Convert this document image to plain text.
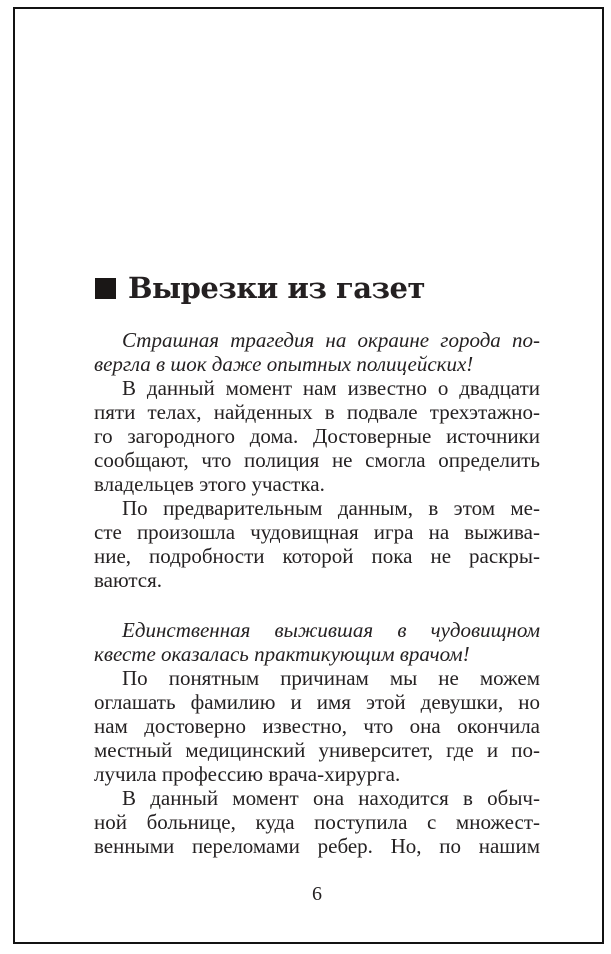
Вырезки из газет
Страшная трагедия на окраине города по-
вергла в шок даже опытных полицейских!
В данный момент нам известно о двадцати
пяти телах, найденных в подвале трехэтажно-
го загородного дома. Достоверные источники
сообщают, что полиция не смогла определить
владельцев этого участка.
По предварительным данным, в этом ме-
сте произошла чудовищная игра на выжива-
ние, подробности которой пока не раскры-
ваются.
Единственная выжившая в чудовищном
квесте оказалась практикующим врачом!
По понятным причинам мы не можем
оглашать фамилию и имя этой девушки, но
нам достоверно известно, что она окончила
местный медицинский университет, где и по-
лучила профессию врача-хирурга.
В данный момент она находится в обыч-
ной больнице, куда поступила с множест-
венными переломами ребер. Но, по нашим
6
